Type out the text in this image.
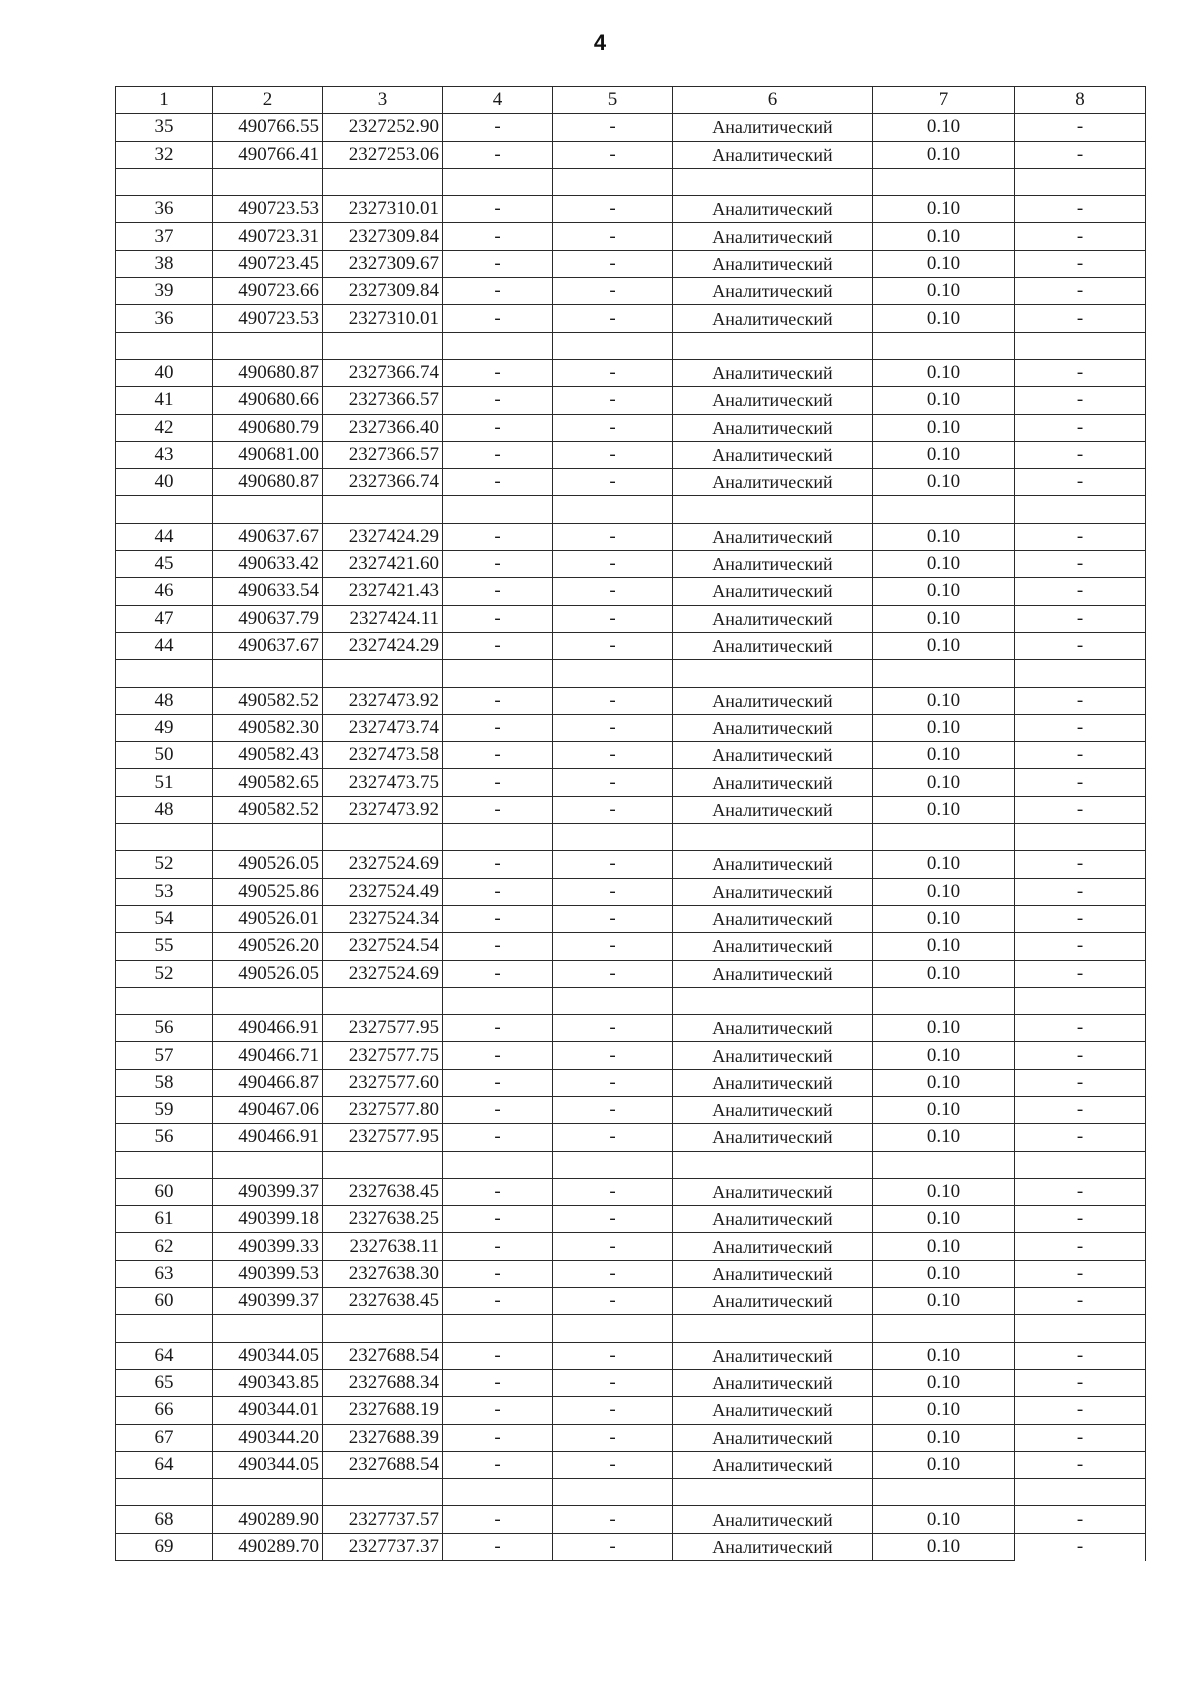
4
1	2	3	4	5	6	7	8
35	490766.55	2327252.90	-	-	Аналитический	0.10	-
32	490766.41	2327253.06	-	-	Аналитический	0.10	-

36	490723.53	2327310.01	-	-	Аналитический	0.10	-
37	490723.31	2327309.84	-	-	Аналитический	0.10	-
38	490723.45	2327309.67	-	-	Аналитический	0.10	-
39	490723.66	2327309.84	-	-	Аналитический	0.10	-
36	490723.53	2327310.01	-	-	Аналитический	0.10	-

40	490680.87	2327366.74	-	-	Аналитический	0.10	-
41	490680.66	2327366.57	-	-	Аналитический	0.10	-
42	490680.79	2327366.40	-	-	Аналитический	0.10	-
43	490681.00	2327366.57	-	-	Аналитический	0.10	-
40	490680.87	2327366.74	-	-	Аналитический	0.10	-

44	490637.67	2327424.29	-	-	Аналитический	0.10	-
45	490633.42	2327421.60	-	-	Аналитический	0.10	-
46	490633.54	2327421.43	-	-	Аналитический	0.10	-
47	490637.79	2327424.11	-	-	Аналитический	0.10	-
44	490637.67	2327424.29	-	-	Аналитический	0.10	-

48	490582.52	2327473.92	-	-	Аналитический	0.10	-
49	490582.30	2327473.74	-	-	Аналитический	0.10	-
50	490582.43	2327473.58	-	-	Аналитический	0.10	-
51	490582.65	2327473.75	-	-	Аналитический	0.10	-
48	490582.52	2327473.92	-	-	Аналитический	0.10	-

52	490526.05	2327524.69	-	-	Аналитический	0.10	-
53	490525.86	2327524.49	-	-	Аналитический	0.10	-
54	490526.01	2327524.34	-	-	Аналитический	0.10	-
55	490526.20	2327524.54	-	-	Аналитический	0.10	-
52	490526.05	2327524.69	-	-	Аналитический	0.10	-

56	490466.91	2327577.95	-	-	Аналитический	0.10	-
57	490466.71	2327577.75	-	-	Аналитический	0.10	-
58	490466.87	2327577.60	-	-	Аналитический	0.10	-
59	490467.06	2327577.80	-	-	Аналитический	0.10	-
56	490466.91	2327577.95	-	-	Аналитический	0.10	-

60	490399.37	2327638.45	-	-	Аналитический	0.10	-
61	490399.18	2327638.25	-	-	Аналитический	0.10	-
62	490399.33	2327638.11	-	-	Аналитический	0.10	-
63	490399.53	2327638.30	-	-	Аналитический	0.10	-
60	490399.37	2327638.45	-	-	Аналитический	0.10	-

64	490344.05	2327688.54	-	-	Аналитический	0.10	-
65	490343.85	2327688.34	-	-	Аналитический	0.10	-
66	490344.01	2327688.19	-	-	Аналитический	0.10	-
67	490344.20	2327688.39	-	-	Аналитический	0.10	-
64	490344.05	2327688.54	-	-	Аналитический	0.10	-

68	490289.90	2327737.57	-	-	Аналитический	0.10	-
69	490289.70	2327737.37	-	-	Аналитический	0.10	-
